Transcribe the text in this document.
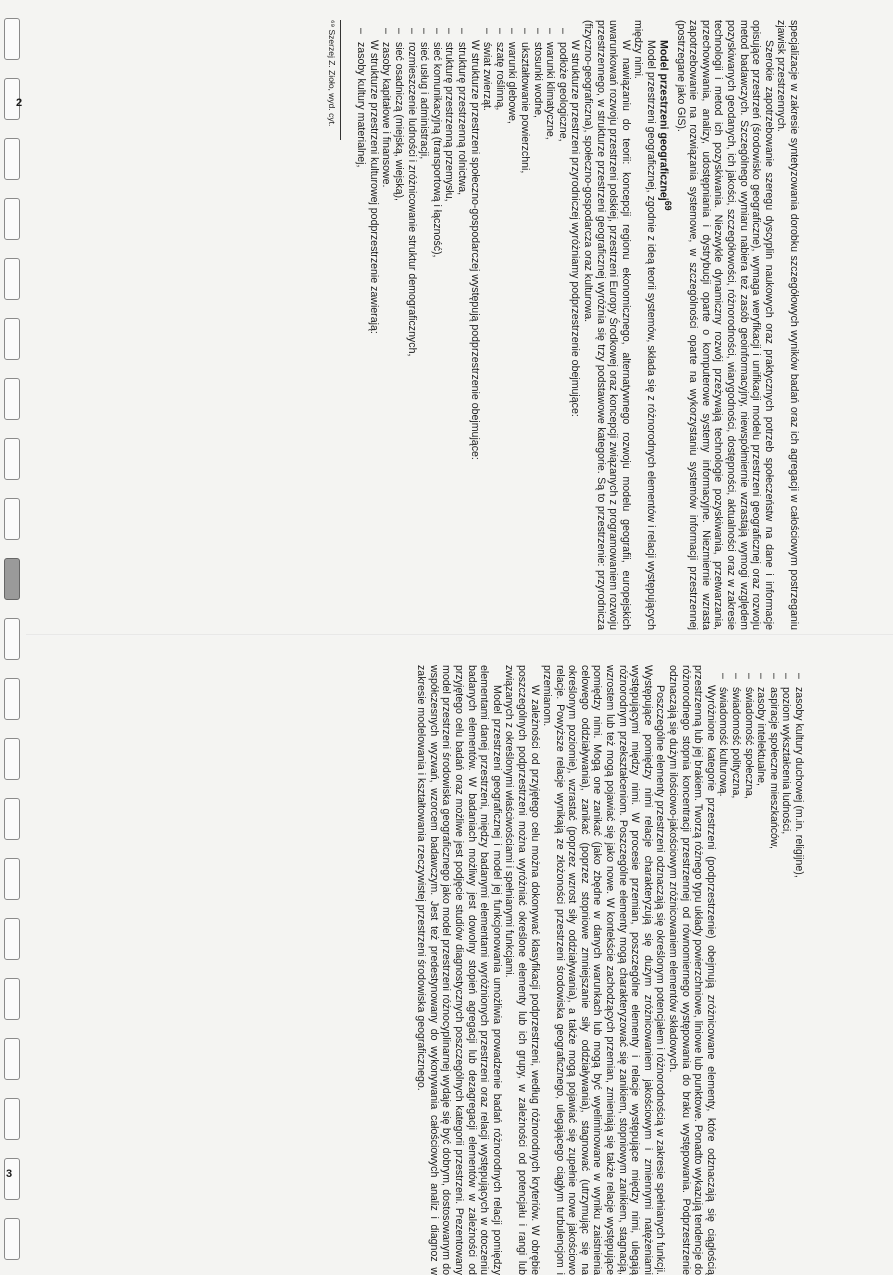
2
3

specjalizacje w zakresie syntetyzowania dorobku szczegółowych wyników badań oraz ich agregacji w całościowym postrzeganiu zjawisk przestrzennych.

Szerokie zapotrzebowanie szeregu dyscyplin naukowych oraz praktycznych potrzeb społeczeństw na dane i informacje opisujące przestrzeń (środowisko geograficzne), wymaga weryfikacji i unifikacji modelu przestrzeni geograficznej oraz rozwoju metod badawczych. Szczególnego wymiaru nabiera też zasób geoinformacyjny, niewspółmiernie wzrastają wymogi względem pozyskiwanych geodanych, ich jakości, szczegółowości, różnorodności, wiarygodności, dostępności, aktualności oraz w zakresie technologii i metod ich pozyskiwania. Niezwykle dynamiczny rozwój przeżywają technologie pozyskiwania, przetwarzania, przechowywania, analizy, udostępniania i dystrybucji oparte o komputerowe systemy informacyjne. Niezmiernie wzrasta zapotrzebowanie na rozwiązania systemowe, w szczególności oparte na wykorzystaniu systemów informacji przestrzennej (postrzegane jako GIS).

Model przestrzeni geograficznej$^{69}$

Model przestrzeni geograficznej, zgodnie z ideą teorii systemów, składa się z różnorodnych elementów i relacji występujących między nimi.

W nawiązaniu do teorii: koncepcji regionu ekonomicznego, alternatywnego rozwoju modelu geografii, europejskich uwarunkowań rozwoju przestrzeni polskiej, przestrzeni Europy Środkowej oraz koncepcji związanych z programowaniem rozwoju przestrzennego, w strukturze przestrzeni geograficznej wyróżnia się trzy podstawowe kategorie. Są to przestrzenie: przyrodnicza (fizyczno-geograficzna), społeczno-gospodarcza oraz kulturowa.

W strukturze przestrzeni przyrodniczej wyróżniamy podprzestrzenie obejmujące:

– podłoże geologiczne,
– warunki klimatyczne,
– stosunki wodne,
– ukształtowanie powierzchni,
– warunki glebowe,
– szatę roślinną,
– świat zwierząt.

W strukturze przestrzeni społeczno-gospodarczej występują podprzestrzenie obejmujące:

– strukturę przestrzenną rolnictwa,
– strukturę przestrzenną przemysłu,
– sieć komunikacyjną (transportową i łączność),
– sieć usług i administracji,
– rozmieszczenie ludności i zróżnicowanie struktur demograficznych,
– sieć osadniczą (miejską, wiejską),
– zasoby kapitałowe i finansowe.

W strukturze przestrzeni kulturowej podprzestrzenie zawierają:

– zasoby kultury materialnej,

⁶⁹ Szerzej Z. Zioło, wyd. cyt.

– zasoby kultury duchowej (m.in. religijne),
– poziom wykształcenia ludności,
– aspiracje społeczne mieszkańców,
– zasoby intelektualne,
– świadomość społeczna,
– świadomość polityczna,
– świadomość kulturową.

Wyróżnione kategorie przestrzeni (podprzestrzenie) obejmują zróżnicowane elementy, które odznaczają się ciągłością przestrzenną lub jej brakiem. Tworzą różnego typu układy powierzchniowe, liniowe lub punktowe. Ponadto wykazują tendencje do różnorodnego stopnia koncentracji przestrzennej od równomiernego występowania do braku występowania. Podprzestrzenie odznaczają się dużym ilościowo-jakościowym zróżnicowaniem elementów składowych.

Poszczególne elementy przestrzeni odznaczają się określonym potencjałem i różnorodnością w zakresie spełnianych funkcji. Występujące pomiędzy nimi relacje charakteryzują się dużym zróżnicowaniem jakościowym i zmiennymi natężeniami występującymi między nimi. W procesie przemian, poszczególne elementy i relacje występujące między nimi, ulegają różnorodnym przekształceniom. Poszczególne elementy mogą charakteryzować się zanikiem, stopniowym zanikiem, stagnacją, wzrostem lub też mogą pojawiać się jako nowe. W kontekście zachodzących przemian, zmieniają się także relacje występujące pomiędzy nimi. Mogą one zanikać (jako zbędne w danych warunkach lub mogą być wyeliminowane w wyniku zaistnienia celowego oddziaływania), zanikać (poprzez stopniowe zmniejszanie siły oddziaływania), stagnować (utrzymując się na określonym poziomie), wzrastać (poprzez wzrost siły oddziaływania), a także mogą pojawiać się zupełnie nowe jakościowo relacje. Powyższe relacje wynikają ze złożoności przestrzeni środowiska geograficznego, ulegającego ciągłym turbulencjom i przemianom.

W zależności od przyjętego celu można dokonywać klasyfikacji podprzestrzeni, według różnorodnych kryteriów. W obrębie poszczególnych podprzestrzeni można wyróżniać określone elementy lub ich grupy, w zależności od potencjału i rangi lub związanych z określonymi właściwościami i spełnianymi funkcjami.

Model przestrzeni geograficznej i model jej funkcjonowania umożliwia prowadzenie badań różnorodnych relacji pomiędzy elementami danej przestrzeni, między badanymi elementami wyróżnionych przestrzeni oraz relacji występujących w otoczeniu badanych elementów. W badaniach możliwy jest dowolny stopień agregacji lub dezagregacji elementów w zależności od przyjętego celu badań oraz możliwe jest podjęcie studiów diagnostycznych poszczególnych kategorii przestrzeni. Prezentowany model przestrzeni środowiska geograficznego jako model przestrzeni różnocyplinarnej wydaje się być dobrym, dostosowanym do współczesnych wyzwań, wzorcem badawczym. Jest też predestynowany do wykonywania całościowych analiz i diagnoz w zakresie modelowania i kształtowania rzeczywistej przestrzeni środowiska geograficznego.
